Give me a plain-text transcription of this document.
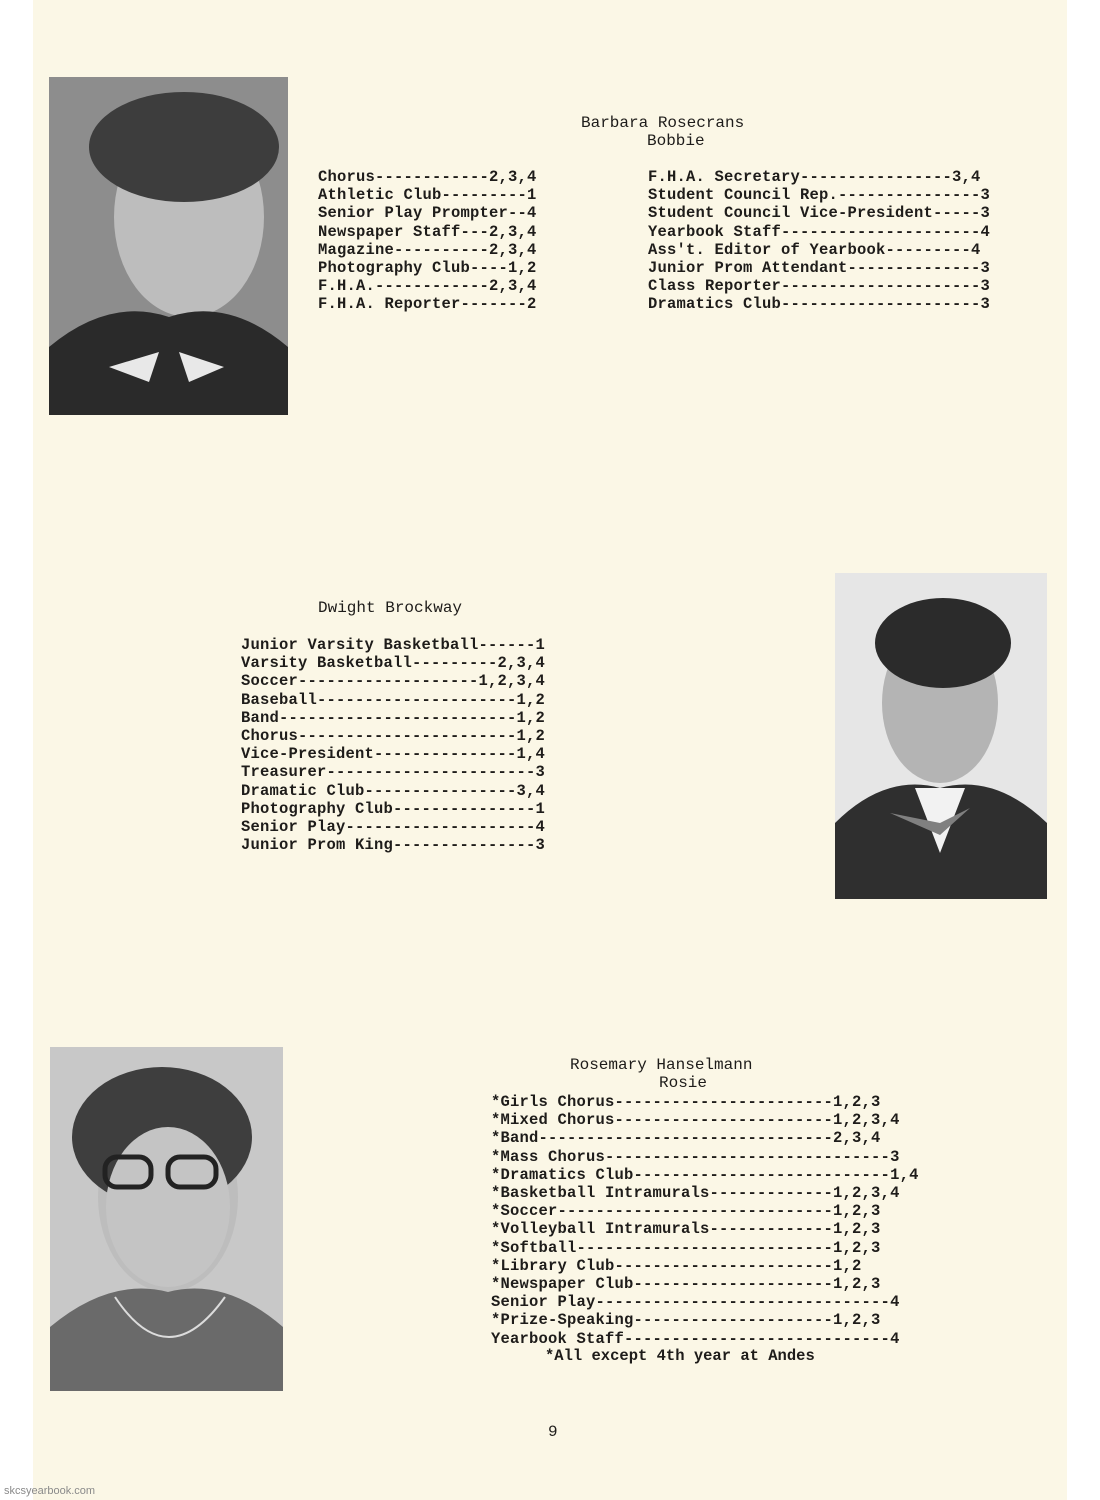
Barbara Rosecrans
Bobbie
Chorus------------2,3,4
Athletic Club---------1
Senior Play Prompter--4
Newspaper Staff---2,3,4
Magazine----------2,3,4
Photography Club----1,2
F.H.A.------------2,3,4
F.H.A. Reporter-------2
F.H.A. Secretary----------------3,4
Student Council Rep.---------------3
Student Council Vice-President-----3
Yearbook Staff---------------------4
Ass't. Editor of Yearbook---------4
Junior Prom Attendant--------------3
Class Reporter---------------------3
Dramatics Club---------------------3
Dwight Brockway
Junior Varsity Basketball------1
Varsity Basketball---------2,3,4
Soccer-------------------1,2,3,4
Baseball---------------------1,2
Band-------------------------1,2
Chorus-----------------------1,2
Vice-President---------------1,4
Treasurer----------------------3
Dramatic Club----------------3,4
Photography Club---------------1
Senior Play--------------------4
Junior Prom King---------------3
Rosemary Hanselmann
Rosie
*Girls Chorus-----------------------1,2,3
*Mixed Chorus-----------------------1,2,3,4
*Band-------------------------------2,3,4
*Mass Chorus------------------------------3
*Dramatics Club---------------------------1,4
*Basketball Intramurals-------------1,2,3,4
*Soccer-----------------------------1,2,3
*Volleyball Intramurals-------------1,2,3
*Softball---------------------------1,2,3
*Library Club-----------------------1,2
*Newspaper Club---------------------1,2,3
Senior Play-------------------------------4
*Prize-Speaking---------------------1,2,3
Yearbook Staff----------------------------4
*All except 4th year at Andes
9
skcsyearbook.com
